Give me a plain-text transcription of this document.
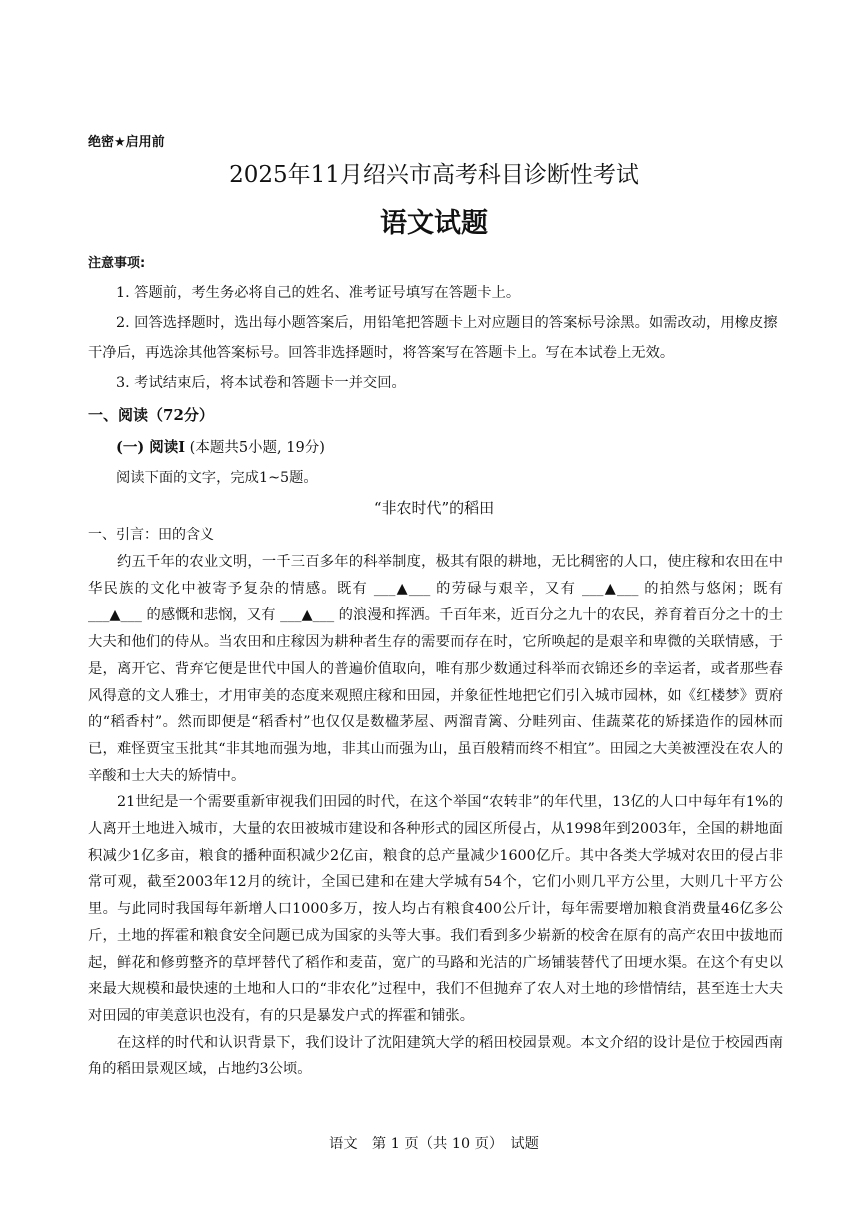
绝密★启用前
2025年11月绍兴市高考科目诊断性考试
语文试题
注意事项:

1. 答题前，考生务必将自己的姓名、准考证号填写在答题卡上。

2. 回答选择题时，选出每小题答案后，用铅笔把答题卡上对应题目的答案标号涂黑。如需改动，用橡皮擦干净后，再选涂其他答案标号。回答非选择题时，将答案写在答题卡上。写在本试卷上无效。

3. 考试结束后，将本试卷和答题卡一并交回。

一、阅读（72分）
(一) 阅读Ⅰ (本题共5小题, 19分)
阅读下面的文字，完成1~5题。
“非农时代”的稻田
一、引言：田的含义

约五千年的农业文明，一千三百多年的科举制度，极其有限的耕地，无比稠密的人口，使庄稼和农田在中华民族的文化中被寄予复杂的情感。既有 ___▲___ 的劳碌与艰辛，又有 ___▲___ 的拍然与悠闲；既有 ___▲___ 的感慨和悲悯，又有 ___▲___ 的浪漫和挥洒。千百年来，近百分之九十的农民，养育着百分之十的士大夫和他们的侍从。当农田和庄稼因为耕种者生存的需要而存在时，它所唤起的是艰辛和卑微的关联情感，于是，离开它、背弃它便是世代中国人的普遍价值取向，唯有那少数通过科举而衣锦还乡的幸运者，或者那些春风得意的文人雅士，才用审美的态度来观照庄稼和田园，并象征性地把它们引入城市园林，如《红楼梦》贾府的“稻香村”。然而即便是“稻香村”也仅仅是数楹茅屋、两溜青篱、分畦列亩、佳蔬菜花的矫揉造作的园林而已，难怪贾宝玉批其“非其地而强为地，非其山而强为山，虽百般精而终不相宜”。田园之大美被湮没在农人的辛酸和士大夫的矫情中。

21世纪是一个需要重新审视我们田园的时代，在这个举国“农转非”的年代里，13亿的人口中每年有1%的人离开土地进入城市，大量的农田被城市建设和各种形式的园区所侵占，从1998年到2003年，全国的耕地面积减少1亿多亩，粮食的播种面积减少2亿亩，粮食的总产量减少1600亿斤。其中各类大学城对农田的侵占非常可观，截至2003年12月的统计，全国已建和在建大学城有54个，它们小则几平方公里，大则几十平方公里。与此同时我国每年新增人口1000多万，按人均占有粮食400公斤计，每年需要增加粮食消费量46亿多公斤，土地的挥霍和粮食安全问题已成为国家的头等大事。我们看到多少崭新的校舍在原有的高产农田中拔地而起，鲜花和修剪整齐的草坪替代了稻作和麦苗，宽广的马路和光洁的广场铺装替代了田埂水渠。在这个有史以来最大规模和最快速的土地和人口的“非农化”过程中，我们不但抛弃了农人对土地的珍惜情结，甚至连士大夫对田园的审美意识也没有，有的只是暴发户式的挥霍和铺张。

在这样的时代和认识背景下，我们设计了沈阳建筑大学的稻田校园景观。本文介绍的设计是位于校园西南角的稻田景观区域，占地约3公顷。

语文　第 1 页（共 10 页）　试题
